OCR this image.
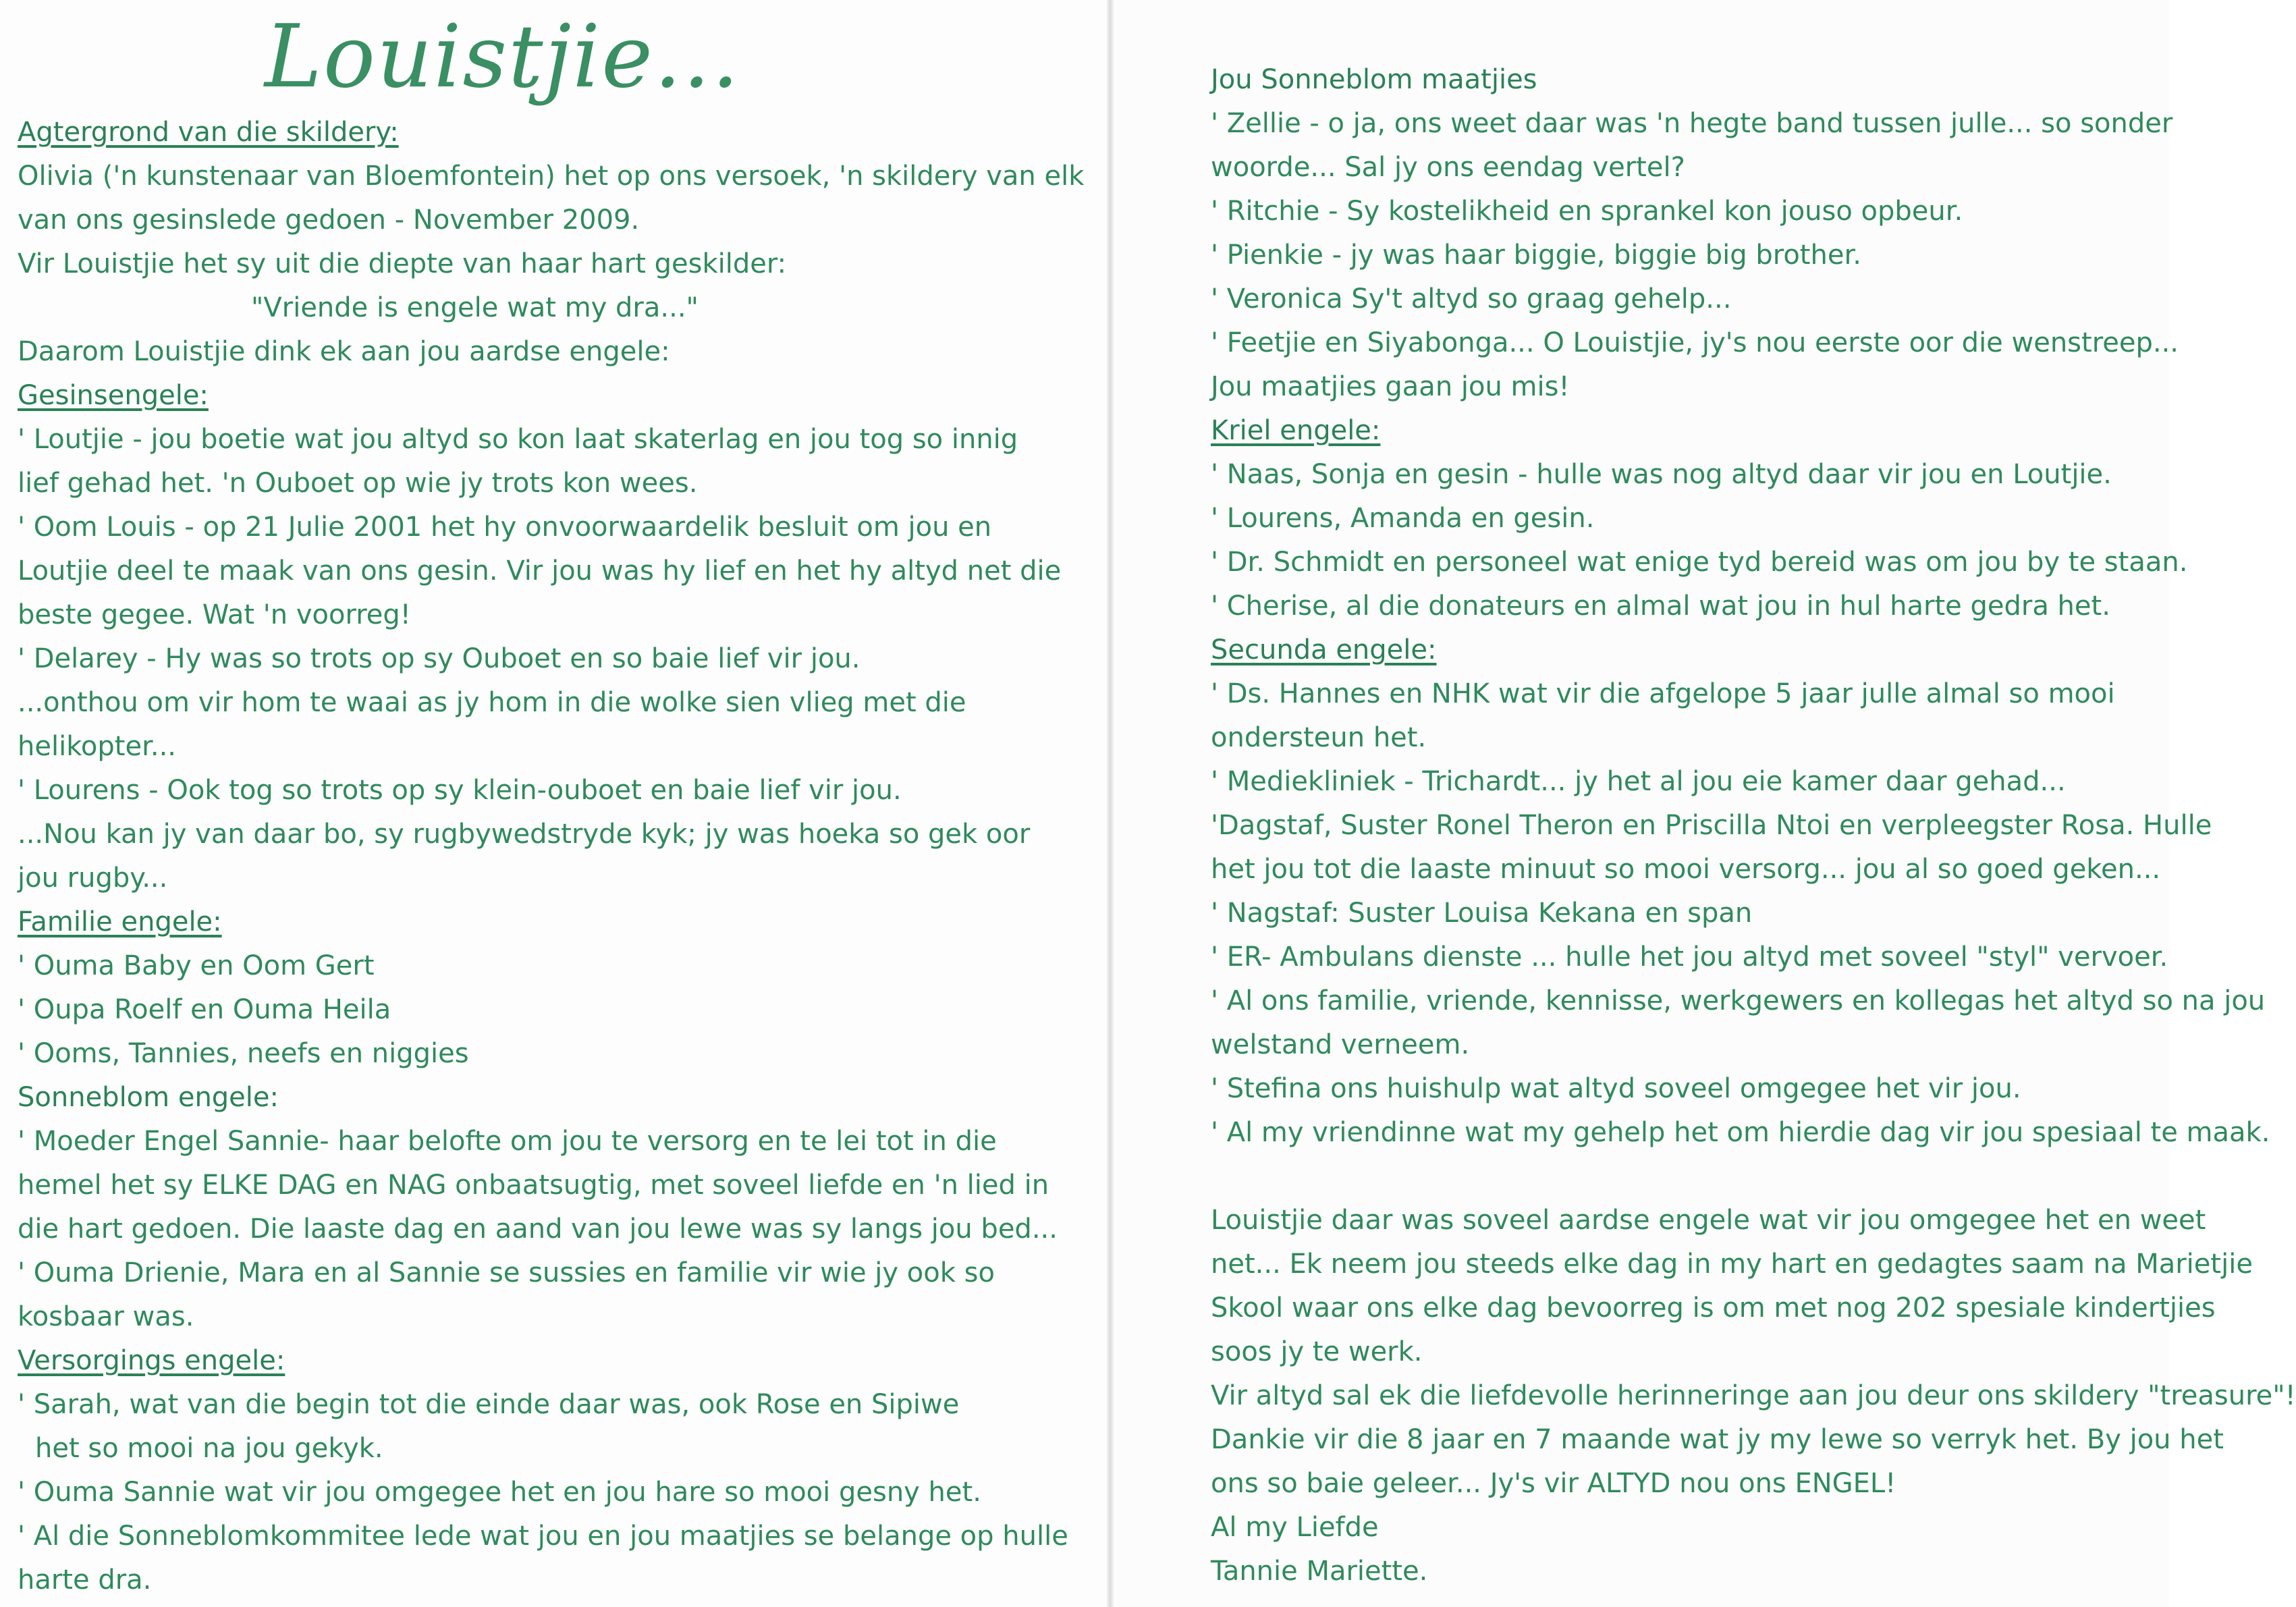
Louistjie...
Agtergrond van die skildery:
Olivia ('n kunstenaar van Bloemfontein) het op ons versoek, 'n skildery van elk
van ons gesinslede gedoen - November 2009.
Vir Louistjie het sy uit die diepte van haar hart geskilder:
"Vriende is engele wat my dra..."
Daarom Louistjie dink ek aan jou aardse engele:
Gesinsengele:
' Loutjie - jou boetie wat jou altyd so kon laat skaterlag en jou tog so innig
lief gehad het. 'n Ouboet op wie jy trots kon wees.
' Oom Louis - op 21 Julie 2001 het hy onvoorwaardelik besluit om jou en
Loutjie deel te maak van ons gesin. Vir jou was hy lief en het hy altyd net die
beste gegee. Wat 'n voorreg!
' Delarey - Hy was so trots op sy Ouboet en so baie lief vir jou.
...onthou om vir hom te waai as jy hom in die wolke sien vlieg met die
helikopter...
' Lourens - Ook tog so trots op sy klein-ouboet en baie lief vir jou.
...Nou kan jy van daar bo, sy rugbywedstryde kyk; jy was hoeka so gek oor
jou rugby...
Familie engele:
' Ouma Baby en Oom Gert
' Oupa Roelf en Ouma Heila
' Ooms, Tannies, neefs en niggies
Sonneblom engele:
' Moeder Engel Sannie- haar belofte om jou te versorg en te lei tot in die
hemel het sy ELKE DAG en NAG onbaatsugtig, met soveel liefde en 'n lied in
die hart gedoen. Die laaste dag en aand van jou lewe was sy langs jou bed...
' Ouma Drienie, Mara en al Sannie se sussies en familie vir wie jy ook so
kosbaar was.
Versorgings engele:
' Sarah, wat van die begin tot die einde daar was, ook Rose en Sipiwe
het so mooi na jou gekyk.
' Ouma Sannie wat vir jou omgegee het en jou hare so mooi gesny het.
' Al die Sonneblomkommitee lede wat jou en jou maatjies se belange op hulle
harte dra.
Jou Sonneblom maatjies
' Zellie - o ja, ons weet daar was 'n hegte band tussen julle... so sonder
woorde... Sal jy ons eendag vertel?
' Ritchie - Sy kostelikheid en sprankel kon jouso opbeur.
' Pienkie - jy was haar biggie, biggie big brother.
' Veronica Sy't altyd so graag gehelp...
' Feetjie en Siyabonga... O Louistjie, jy's nou eerste oor die wenstreep...
Jou maatjies gaan jou mis!
Kriel engele:
' Naas, Sonja en gesin - hulle was nog altyd daar vir jou en Loutjie.
' Lourens, Amanda en gesin.
' Dr. Schmidt en personeel wat enige tyd bereid was om jou by te staan.
' Cherise, al die donateurs en almal wat jou in hul harte gedra het.
Secunda engele:
' Ds. Hannes en NHK wat vir die afgelope 5 jaar julle almal so mooi
ondersteun het.
' Mediekliniek - Trichardt... jy het al jou eie kamer daar gehad...
'Dagstaf, Suster Ronel Theron en Priscilla Ntoi en verpleegster Rosa. Hulle
het jou tot die laaste minuut so mooi versorg... jou al so goed geken...
' Nagstaf: Suster Louisa Kekana en span
' ER- Ambulans dienste ... hulle het jou altyd met soveel "styl" vervoer.
' Al ons familie, vriende, kennisse, werkgewers en kollegas het altyd so na jou
welstand verneem.
' Stefina ons huishulp wat altyd soveel omgegee het vir jou.
' Al my vriendinne wat my gehelp het om hierdie dag vir jou spesiaal te maak.
Louistjie daar was soveel aardse engele wat vir jou omgegee het en weet
net... Ek neem jou steeds elke dag in my hart en gedagtes saam na Marietjie
Skool waar ons elke dag bevoorreg is om met nog 202 spesiale kindertjies
soos jy te werk.
Vir altyd sal ek die liefdevolle herinneringe aan jou deur ons skildery "treasure"!
Dankie vir die 8 jaar en 7 maande wat jy my lewe so verryk het. By jou het
ons so baie geleer... Jy's vir ALTYD nou ons ENGEL!
Al my Liefde
Tannie Mariette.
